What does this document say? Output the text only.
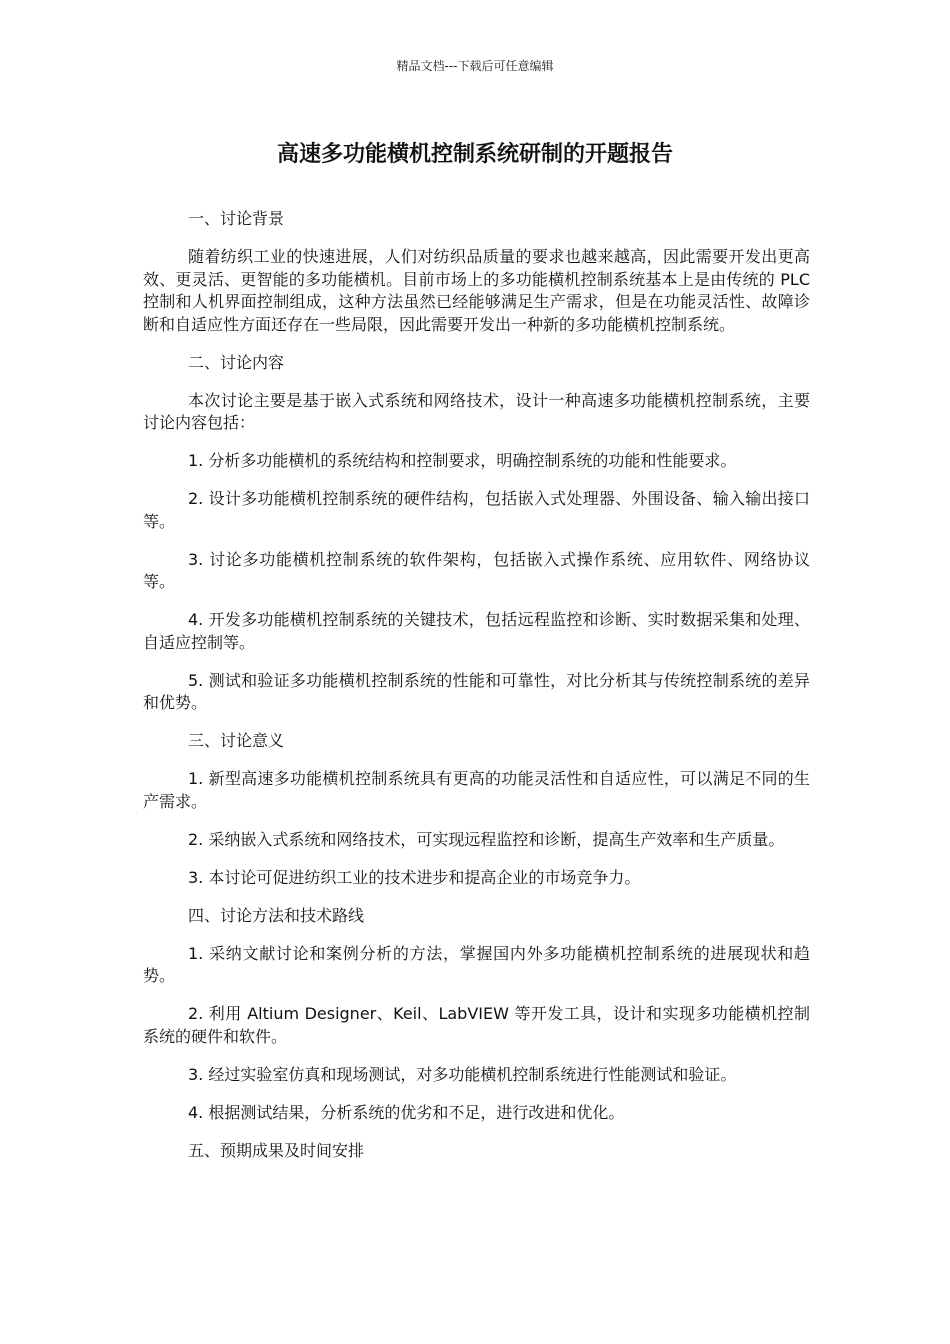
精品文档---下载后可任意编辑
高速多功能横机控制系统研制的开题报告

一、讨论背景

随着纺织工业的快速进展，人们对纺织品质量的要求也越来越高，因此需要开发出更高效、更灵活、更智能的多功能横机。目前市场上的多功能横机控制系统基本上是由传统的 PLC 控制和人机界面控制组成，这种方法虽然已经能够满足生产需求，但是在功能灵活性、故障诊断和自适应性方面还存在一些局限，因此需要开发出一种新的多功能横机控制系统。

二、讨论内容

本次讨论主要是基于嵌入式系统和网络技术，设计一种高速多功能横机控制系统，主要讨论内容包括：

1. 分析多功能横机的系统结构和控制要求，明确控制系统的功能和性能要求。

2. 设计多功能横机控制系统的硬件结构，包括嵌入式处理器、外围设备、输入输出接口等。

3. 讨论多功能横机控制系统的软件架构，包括嵌入式操作系统、应用软件、网络协议等。

4. 开发多功能横机控制系统的关键技术，包括远程监控和诊断、实时数据采集和处理、自适应控制等。

5. 测试和验证多功能横机控制系统的性能和可靠性，对比分析其与传统控制系统的差异和优势。

三、讨论意义

1. 新型高速多功能横机控制系统具有更高的功能灵活性和自适应性，可以满足不同的生产需求。

2. 采纳嵌入式系统和网络技术，可实现远程监控和诊断，提高生产效率和生产质量。

3. 本讨论可促进纺织工业的技术进步和提高企业的市场竞争力。

四、讨论方法和技术路线

1. 采纳文献讨论和案例分析的方法，掌握国内外多功能横机控制系统的进展现状和趋势。

2. 利用 Altium Designer、Keil、LabVIEW 等开发工具，设计和实现多功能横机控制系统的硬件和软件。

3. 经过实验室仿真和现场测试，对多功能横机控制系统进行性能测试和验证。

4. 根据测试结果，分析系统的优劣和不足，进行改进和优化。

五、预期成果及时间安排
